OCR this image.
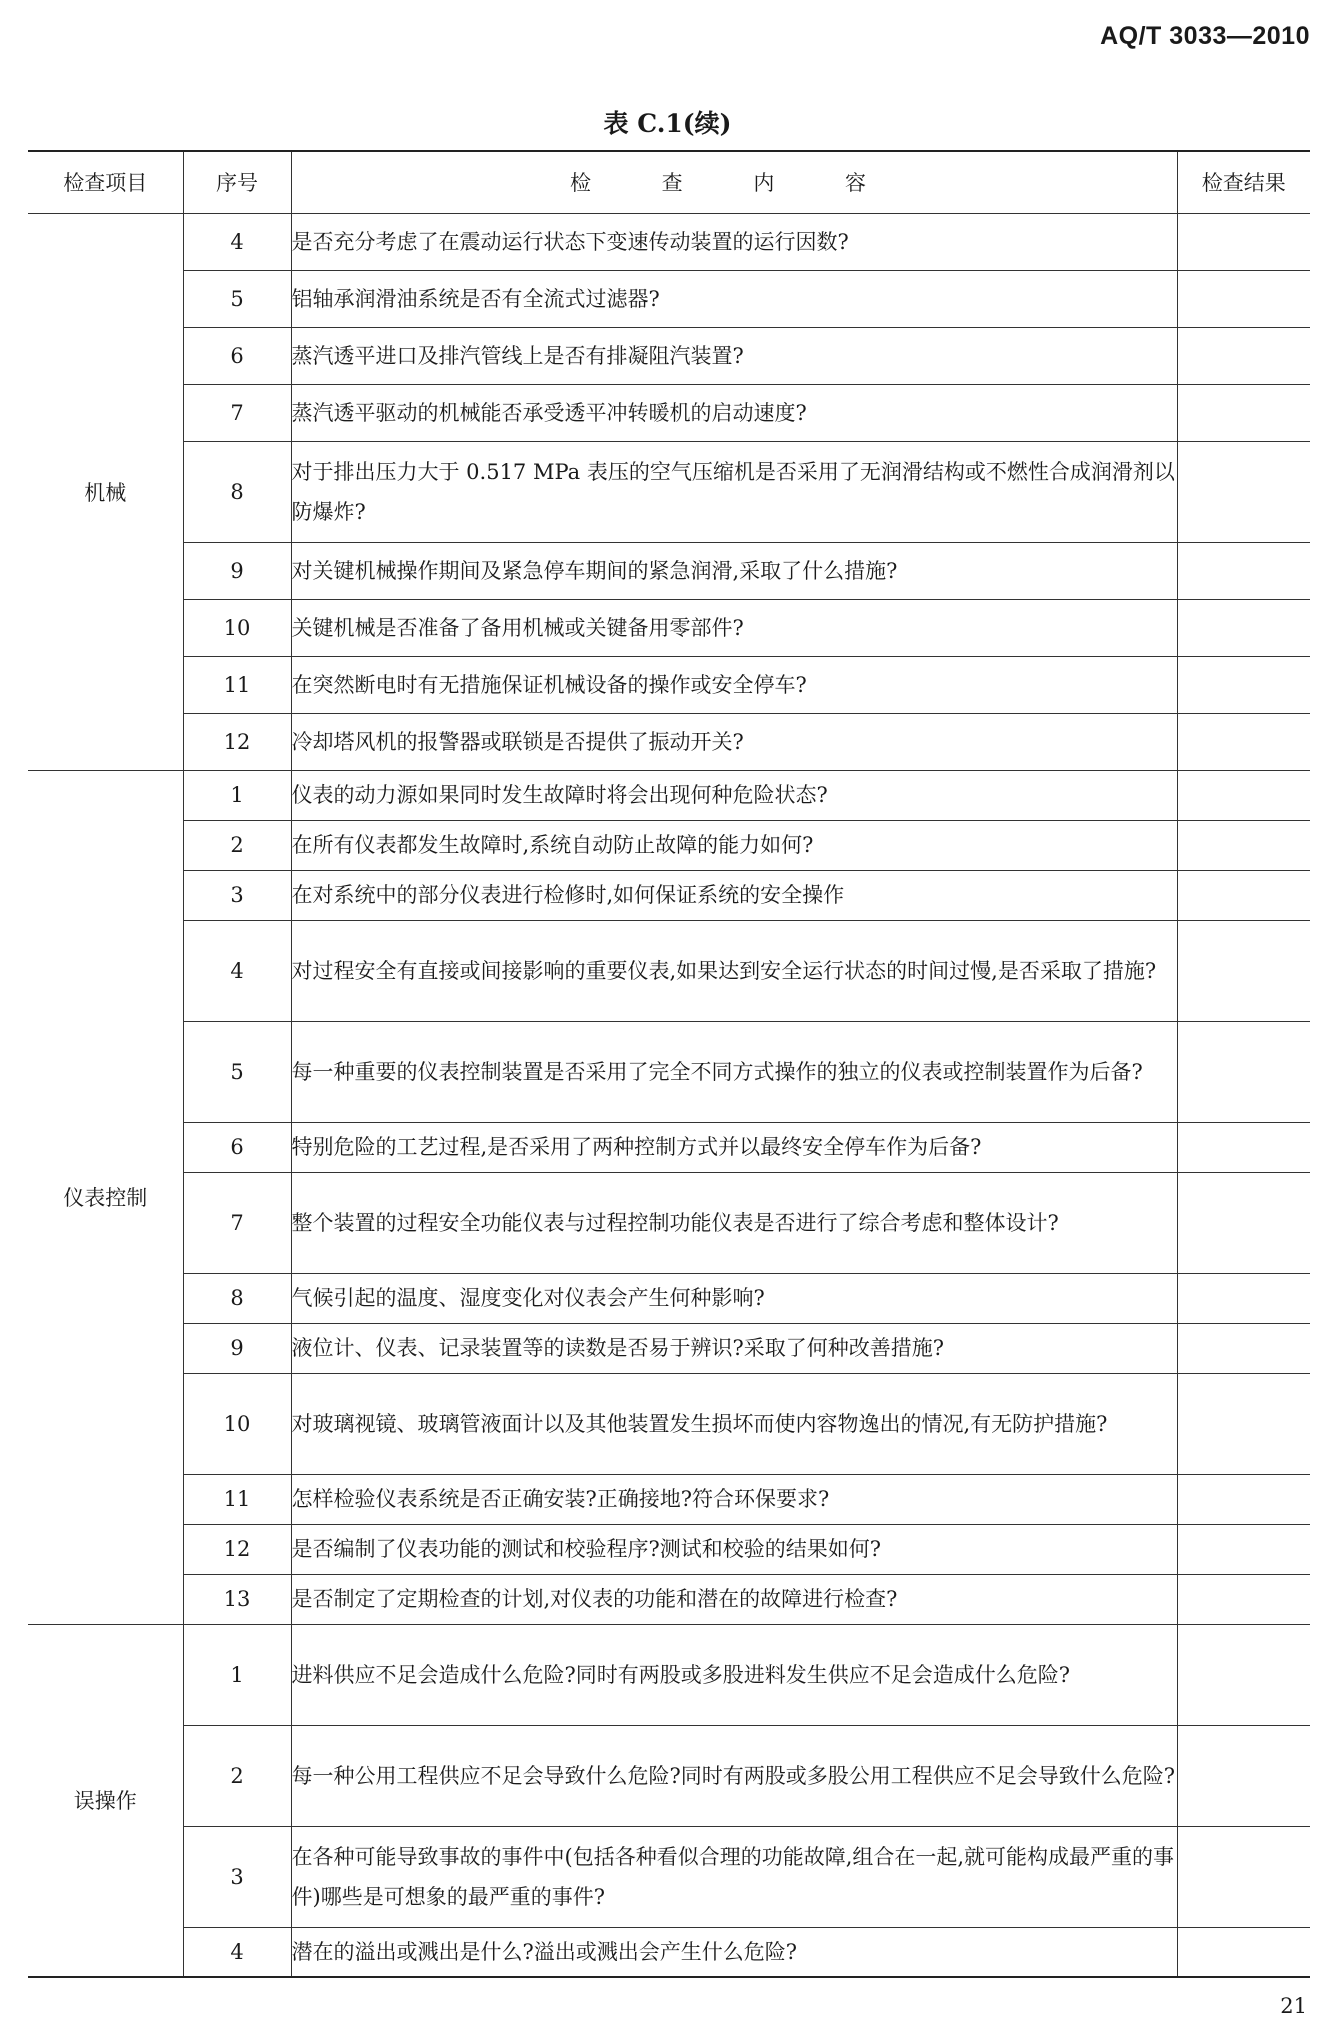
AQ/T 3033—2010
表 C.1(续)
检查项目	序号	检 查 内 容	检查结果
机械	4	是否充分考虑了在震动运行状态下变速传动装置的运行因数?	
	5	铝轴承润滑油系统是否有全流式过滤器?	
	6	蒸汽透平进口及排汽管线上是否有排凝阻汽装置?	
	7	蒸汽透平驱动的机械能否承受透平冲转暖机的启动速度?	
	8	对于排出压力大于 0.517 MPa 表压的空气压缩机是否采用了无润滑结构或不燃性合成润滑剂以防爆炸?	
	9	对关键机械操作期间及紧急停车期间的紧急润滑,采取了什么措施?	
	10	关键机械是否准备了备用机械或关键备用零部件?	
	11	在突然断电时有无措施保证机械设备的操作或安全停车?	
	12	冷却塔风机的报警器或联锁是否提供了振动开关?	
仪表控制	1	仪表的动力源如果同时发生故障时将会出现何种危险状态?	
	2	在所有仪表都发生故障时,系统自动防止故障的能力如何?	
	3	在对系统中的部分仪表进行检修时,如何保证系统的安全操作	
	4	对过程安全有直接或间接影响的重要仪表,如果达到安全运行状态的时间过慢,是否采取了措施?	
	5	每一种重要的仪表控制装置是否采用了完全不同方式操作的独立的仪表或控制装置作为后备?	
	6	特别危险的工艺过程,是否采用了两种控制方式并以最终安全停车作为后备?	
	7	整个装置的过程安全功能仪表与过程控制功能仪表是否进行了综合考虑和整体设计?	
	8	气候引起的温度、湿度变化对仪表会产生何种影响?	
	9	液位计、仪表、记录装置等的读数是否易于辨识?采取了何种改善措施?	
	10	对玻璃视镜、玻璃管液面计以及其他装置发生损坏而使内容物逸出的情况,有无防护措施?	
	11	怎样检验仪表系统是否正确安装?正确接地?符合环保要求?	
	12	是否编制了仪表功能的测试和校验程序?测试和校验的结果如何?	
	13	是否制定了定期检查的计划,对仪表的功能和潜在的故障进行检查?	
误操作	1	进料供应不足会造成什么危险?同时有两股或多股进料发生供应不足会造成什么危险?	
	2	每一种公用工程供应不足会导致什么危险?同时有两股或多股公用工程供应不足会导致什么危险?	
	3	在各种可能导致事故的事件中(包括各种看似合理的功能故障,组合在一起,就可能构成最严重的事件)哪些是可想象的最严重的事件?	
	4	潜在的溢出或溅出是什么?溢出或溅出会产生什么危险?	
21
